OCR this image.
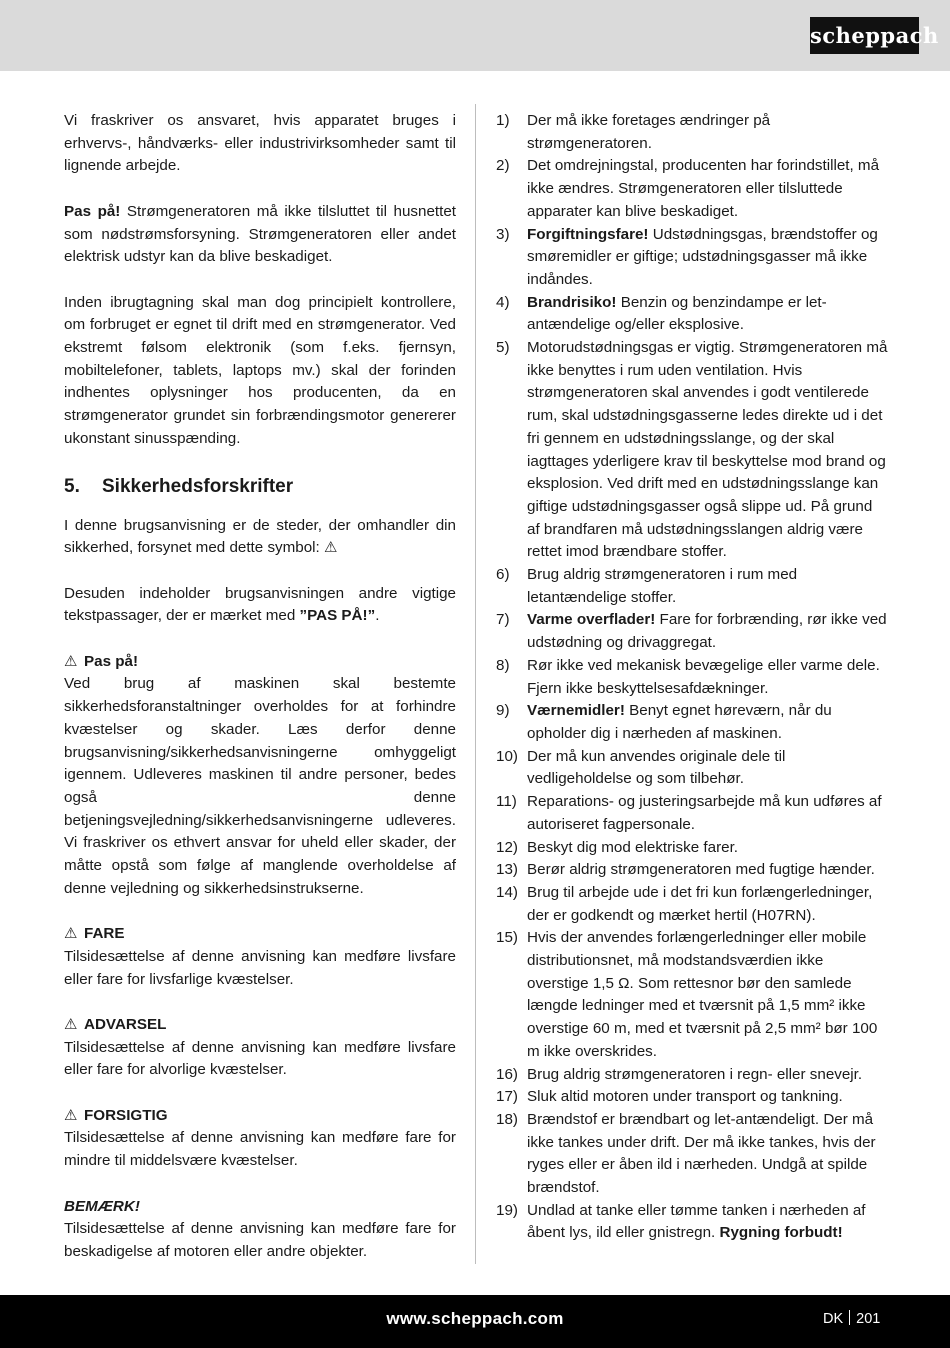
scheppach

Vi fraskriver os ansvaret, hvis apparatet bruges i erhvervs-, håndværks- eller industrivirksomheder samt til lignende arbejde.

Pas på! Strømgeneratoren må ikke tilsluttet til husnettet som nødstrømsforsyning. Strømgeneratoren eller andet elektrisk udstyr kan da blive beskadiget.

Inden ibrugtagning skal man dog principielt kontrollere, om forbruget er egnet til drift med en strømgenerator. Ved ekstremt følsom elektronik (som f.eks. fjernsyn, mobiltelefoner, tablets, laptops mv.) skal der forinden indhentes oplysninger hos producenten, da en strømgenerator grundet sin forbrændingsmotor genererer ukonstant sinusspænding.

5. Sikkerhedsforskrifter

I denne brugsanvisning er de steder, der omhandler din sikkerhed, forsynet med dette symbol: ⚠

Desuden indeholder brugsanvisningen andre vigtige tekstpassager, der er mærket med ”PAS PÅ!”.

⚠ Pas på!

Ved brug af maskinen skal bestemte sikkerhedsforanstaltninger overholdes for at forhindre kvæstelser og skader. Læs derfor denne brugsanvisning/sikkerhedsanvisningerne omhyggeligt igennem. Udleveres maskinen til andre personer, bedes også denne betjeningsvejledning/sikkerhedsanvisningerne udleveres. Vi fraskriver os ethvert ansvar for uheld eller skader, der måtte opstå som følge af manglende overholdelse af denne vejledning og sikkerhedsinstrukserne.

⚠ FARE

Tilsidesættelse af denne anvisning kan medføre livsfare eller fare for livsfarlige kvæstelser.

⚠ ADVARSEL

Tilsidesættelse af denne anvisning kan medføre livsfare eller fare for alvorlige kvæstelser.

⚠ FORSIGTIG

Tilsidesættelse af denne anvisning kan medføre fare for mindre til middelsvære kvæstelser.

BEMÆRK!

Tilsidesættelse af denne anvisning kan medføre fare for beskadigelse af motoren eller andre objekter.

1)	Der må ikke foretages ændringer på strømgeneratoren.
2)	Det omdrejningstal, producenten har forindstillet, må ikke ændres. Strømgeneratoren eller tilsluttede apparater kan blive beskadiget.
3)	Forgiftningsfare! Udstødningsgas, brændstoffer og smøremidler er giftige; udstødningsgasser må ikke indåndes.
4)	Brandrisiko! Benzin og benzindampe er let-antændelige og/eller eksplosive.
5)	Motorudstødningsgas er vigtig. Strømgeneratoren må ikke benyttes i rum uden ventilation. Hvis strømgeneratoren skal anvendes i godt ventilerede rum, skal udstødningsgasserne ledes direkte ud i det fri gennem en udstødningsslange, og der skal iagttages yderligere krav til beskyttelse mod brand og eksplosion. Ved drift med en udstødningsslange kan giftige udstødningsgasser også slippe ud. På grund af brandfaren må udstødningsslangen aldrig være rettet imod brændbare stoffer.
6)	Brug aldrig strømgeneratoren i rum med letantændelige stoffer.
7)	Varme overflader! Fare for forbrænding, rør ikke ved udstødning og drivaggregat.
8)	Rør ikke ved mekanisk bevægelige eller varme dele. Fjern ikke beskyttelsesafdækninger.
9)	Værnemidler! Benyt egnet høreværn, når du opholder dig i nærheden af maskinen.
10) Der må kun anvendes originale dele til vedligeholdelse og som tilbehør.
11) Reparations- og justeringsarbejde må kun udføres af autoriseret fagpersonale.
12) Beskyt dig mod elektriske farer.
13) Berør aldrig strømgeneratoren med fugtige hænder.
14) Brug til arbejde ude i det fri kun forlængerledninger, der er godkendt og mærket hertil (H07RN).
15) Hvis der anvendes forlængerledninger eller mobile distributionsnet, må modstandsværdien ikke overstige 1,5 Ω. Som rettesnor bør den samlede længde ledninger med et tværsnit på 1,5 mm² ikke overstige 60 m, med et tværsnit på 2,5 mm² bør 100 m ikke overskrides.
16) Brug aldrig strømgeneratoren i regn- eller snevejr.
17) Sluk altid motoren under transport og tankning.
18) Brændstof er brændbart og let-antændeligt. Der må ikke tankes under drift. Der må ikke tankes, hvis der ryges eller er åben ild i nærheden. Undgå at spilde brændstof.
19) Undlad at tanke eller tømme tanken i nærheden af åbent lys, ild eller gnistregn. Rygning forbudt!
www.scheppach.com	DK 201
